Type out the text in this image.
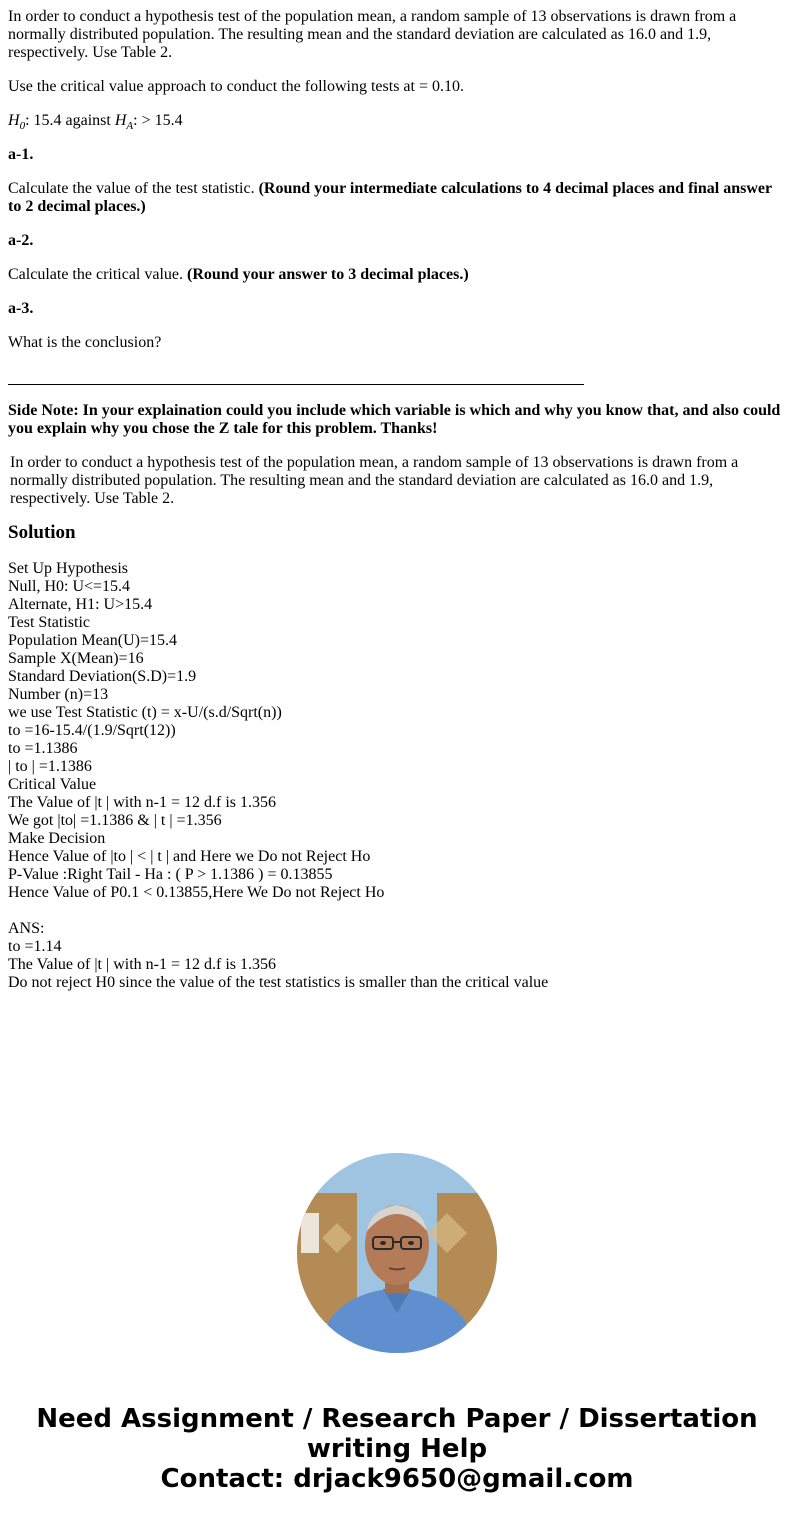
In order to conduct a hypothesis test of the population mean, a random sample of 13 observations is drawn from a normally distributed population. The resulting mean and the standard deviation are calculated as 16.0 and 1.9, respectively. Use Table 2.

Use the critical value approach to conduct the following tests at = 0.10.

$H_0$: 15.4 against $H_A$: > 15.4

a-1.

Calculate the value of the test statistic. (Round your intermediate calculations to 4 decimal places and final answer to 2 decimal places.)

a-2.

Calculate the critical value. (Round your answer to 3 decimal places.)

a-3.

What is the conclusion?

Side Note: In your explaination could you include which variable is which and why you know that, and also could you explain why you chose the Z tale for this problem. Thanks!

In order to conduct a hypothesis test of the population mean, a random sample of 13 observations is drawn from a normally distributed population. The resulting mean and the standard deviation are calculated as 16.0 and 1.9, respectively. Use Table 2.

Solution
Set Up Hypothesis
Null, H0: U<=15.4
Alternate, H1: U>15.4
Test Statistic
Population Mean(U)=15.4
Sample X(Mean)=16
Standard Deviation(S.D)=1.9
Number (n)=13
we use Test Statistic (t) = x-U/(s.d/Sqrt(n))
to =16-15.4/(1.9/Sqrt(12))
to =1.1386
| to | =1.1386
Critical Value
The Value of |t | with n-1 = 12 d.f is 1.356
We got |to| =1.1386 & | t | =1.356
Make Decision
Hence Value of |to | < | t | and Here we Do not Reject Ho
P-Value :Right Tail - Ha : ( P > 1.1386 ) = 0.13855
Hence Value of P0.1 < 0.13855,Here We Do not Reject Ho
ANS:
to =1.14
The Value of |t | with n-1 = 12 d.f is 1.356
Do not reject H0 since the value of the test statistics is smaller than the critical value
Need Assignment / Research Paper / Dissertation
writing Help
Contact: drjack9650@gmail.com
